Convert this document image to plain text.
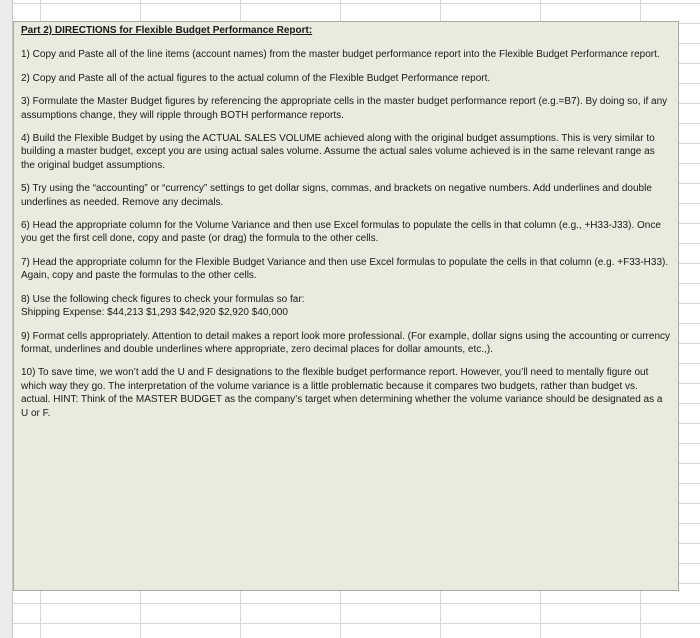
Part 2) DIRECTIONS for Flexible Budget Performance Report:
1) Copy and Paste all of the line items (account names) from the master budget performance report into the Flexible Budget Performance report.
2) Copy and Paste all of the actual figures to the actual column of the Flexible Budget Performance report.
3) Formulate the Master Budget figures by referencing the appropriate cells in the master budget performance report (e.g.=B7). By doing so, if any assumptions change, they will ripple through BOTH performance reports.
4) Build the Flexible Budget by using the ACTUAL SALES VOLUME achieved along with the original budget assumptions. This is very similar to building a master budget, except you are using actual sales volume. Assume the actual sales volume achieved is in the same relevant range as the original budget assumptions.
5) Try using the “accounting” or “currency” settings to get dollar signs, commas, and brackets on negative numbers. Add underlines and double underlines as needed. Remove any decimals.
6) Head the appropriate column for the Volume Variance and then use Excel formulas to populate the cells in that column (e.g., +H33-J33). Once you get the first cell done, copy and paste (or drag) the formula to the other cells.
7) Head the appropriate column for the Flexible Budget Variance and then use Excel formulas to populate the cells in that column (e.g. +F33-H33). Again, copy and paste the formulas to the other cells.
8) Use the following check figures to check your formulas so far:
Shipping Expense: $44,213 $1,293 $42,920 $2,920 $40,000
9) Format cells appropriately. Attention to detail makes a report look more professional. (For example, dollar signs using the accounting or currency format, underlines and double underlines where appropriate, zero decimal places for dollar amounts, etc.,).
10) To save time, we won’t add the U and F designations to the flexible budget performance report. However, you’ll need to mentally figure out which way they go. The interpretation of the volume variance is a little problematic because it compares two budgets, rather than budget vs. actual. HINT: Think of the MASTER BUDGET as the company’s target when determining whether the volume variance should be designated as a U or F.
